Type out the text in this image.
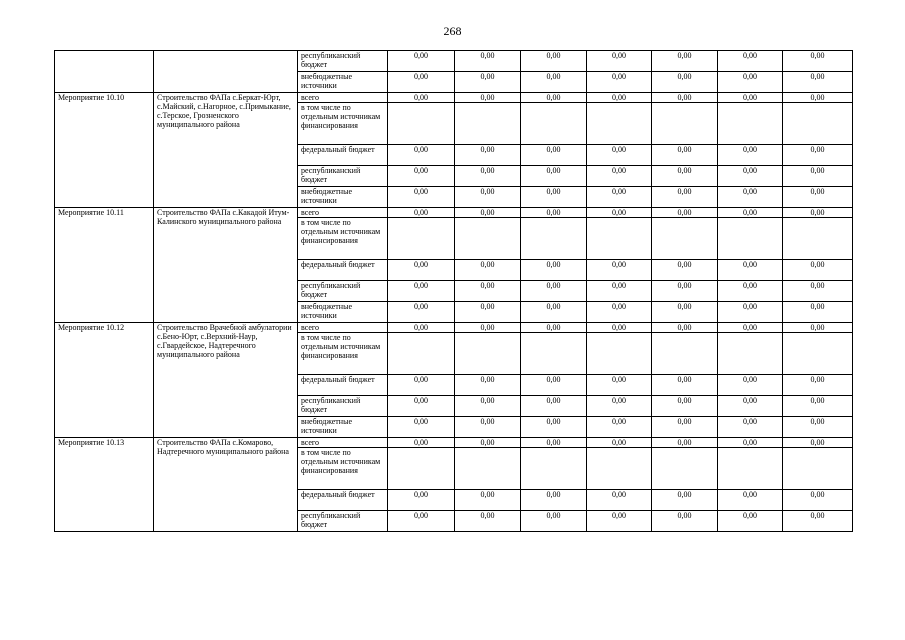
268
		республиканский бюджет	0,00	0,00	0,00	0,00	0,00	0,00	0,00
		внебюджетные источники	0,00	0,00	0,00	0,00	0,00	0,00	0,00
Мероприятие 10.10	Строительство ФАПа с.Беркат-Юрт, с.Майский, с.Нагорное, с.Примыкание, с.Терское, Грозненского муниципального района	всего	0,00	0,00	0,00	0,00	0,00	0,00	0,00
		в том числе по отдельным источникам финансирования							
		федеральный бюджет	0,00	0,00	0,00	0,00	0,00	0,00	0,00
		республиканский бюджет	0,00	0,00	0,00	0,00	0,00	0,00	0,00
		внебюджетные источники	0,00	0,00	0,00	0,00	0,00	0,00	0,00
Мероприятие 10.11	Строительство ФАПа с.Какадой Итум-Калинского муниципального района	всего	0,00	0,00	0,00	0,00	0,00	0,00	0,00
		в том числе по отдельным источникам финансирования							
		федеральный бюджет	0,00	0,00	0,00	0,00	0,00	0,00	0,00
		республиканский бюджет	0,00	0,00	0,00	0,00	0,00	0,00	0,00
		внебюджетные источники	0,00	0,00	0,00	0,00	0,00	0,00	0,00
Мероприятие 10.12	Строительство Врачебной амбулатории с.Бено-Юрт, с.Верхний-Наур, с.Гвардейское, Надтеречного муниципального района	всего	0,00	0,00	0,00	0,00	0,00	0,00	0,00
		в том числе по отдельным источникам финансирования							
		федеральный бюджет	0,00	0,00	0,00	0,00	0,00	0,00	0,00
		республиканский бюджет	0,00	0,00	0,00	0,00	0,00	0,00	0,00
		внебюджетные источники	0,00	0,00	0,00	0,00	0,00	0,00	0,00
Мероприятие 10.13	Строительство ФАПа с.Комарово, Надтеречного муниципального района	всего	0,00	0,00	0,00	0,00	0,00	0,00	0,00
		в том числе по отдельным источникам финансирования							
		федеральный бюджет	0,00	0,00	0,00	0,00	0,00	0,00	0,00
		республиканский бюджет	0,00	0,00	0,00	0,00	0,00	0,00	0,00
